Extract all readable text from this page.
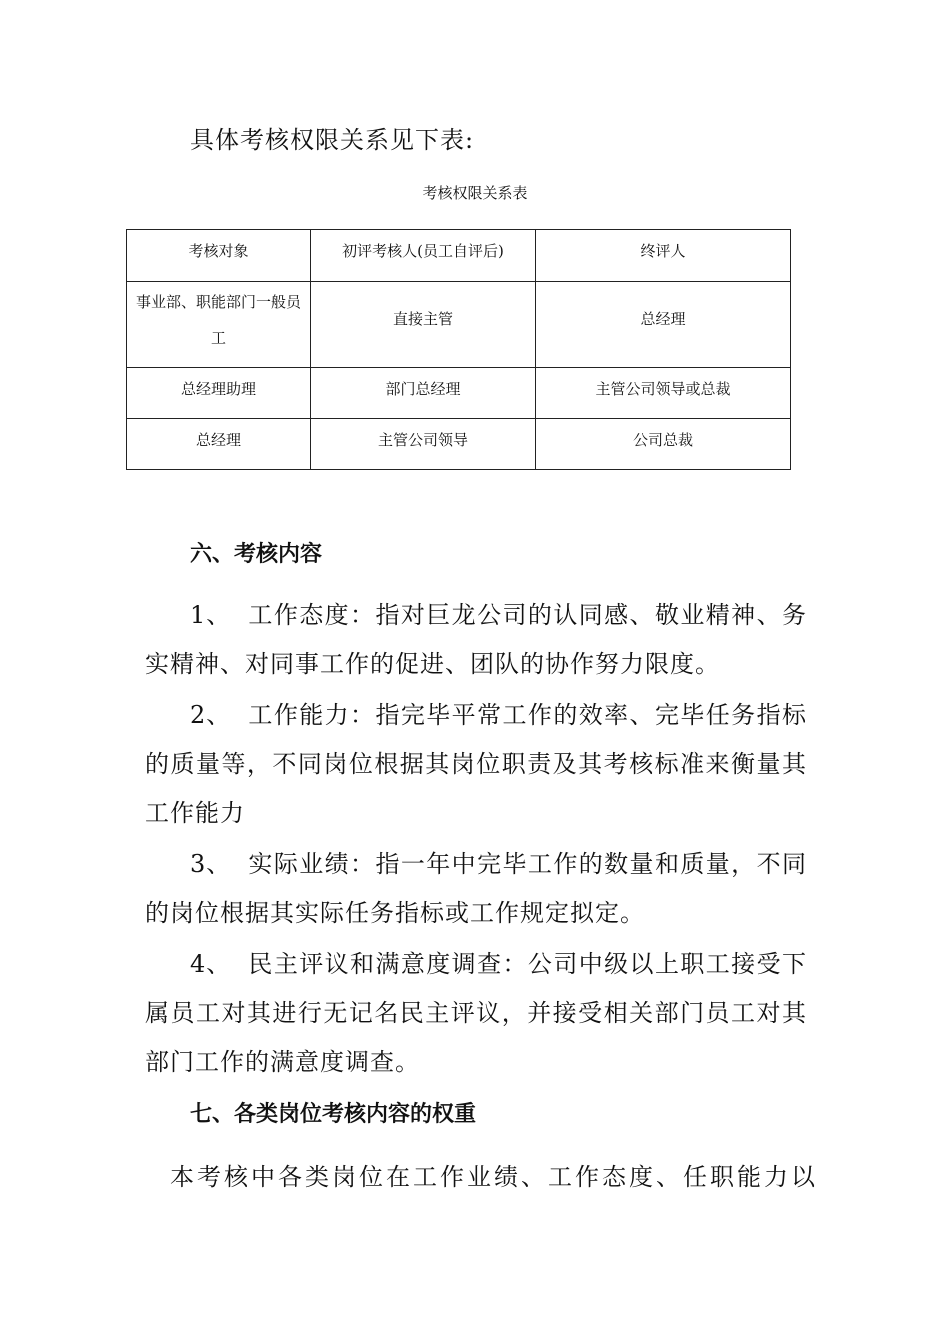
具体考核权限关系见下表:
考核权限关系表
考核对象	初评考核人(员工自评后)	终评人
事业部、职能部门一般员工	直接主管	总经理
总经理助理	部门总经理	主管公司领导或总裁
总经理	主管公司领导	公司总裁
六、考核内容
1、 工作态度：指对巨龙公司的认同感、敬业精神、务实精神、对同事工作的促进、团队的协作努力限度。
2、 工作能力：指完毕平常工作的效率、完毕任务指标的质量等，不同岗位根据其岗位职责及其考核标准来衡量其工作能力
3、 实际业绩：指一年中完毕工作的数量和质量，不同的岗位根据其实际任务指标或工作规定拟定。
4、 民主评议和满意度调查：公司中级以上职工接受下属员工对其进行无记名民主评议，并接受相关部门员工对其部门工作的满意度调查。
七、各类岗位考核内容的权重
本考核中各类岗位在工作业绩、工作态度、任职能力以
